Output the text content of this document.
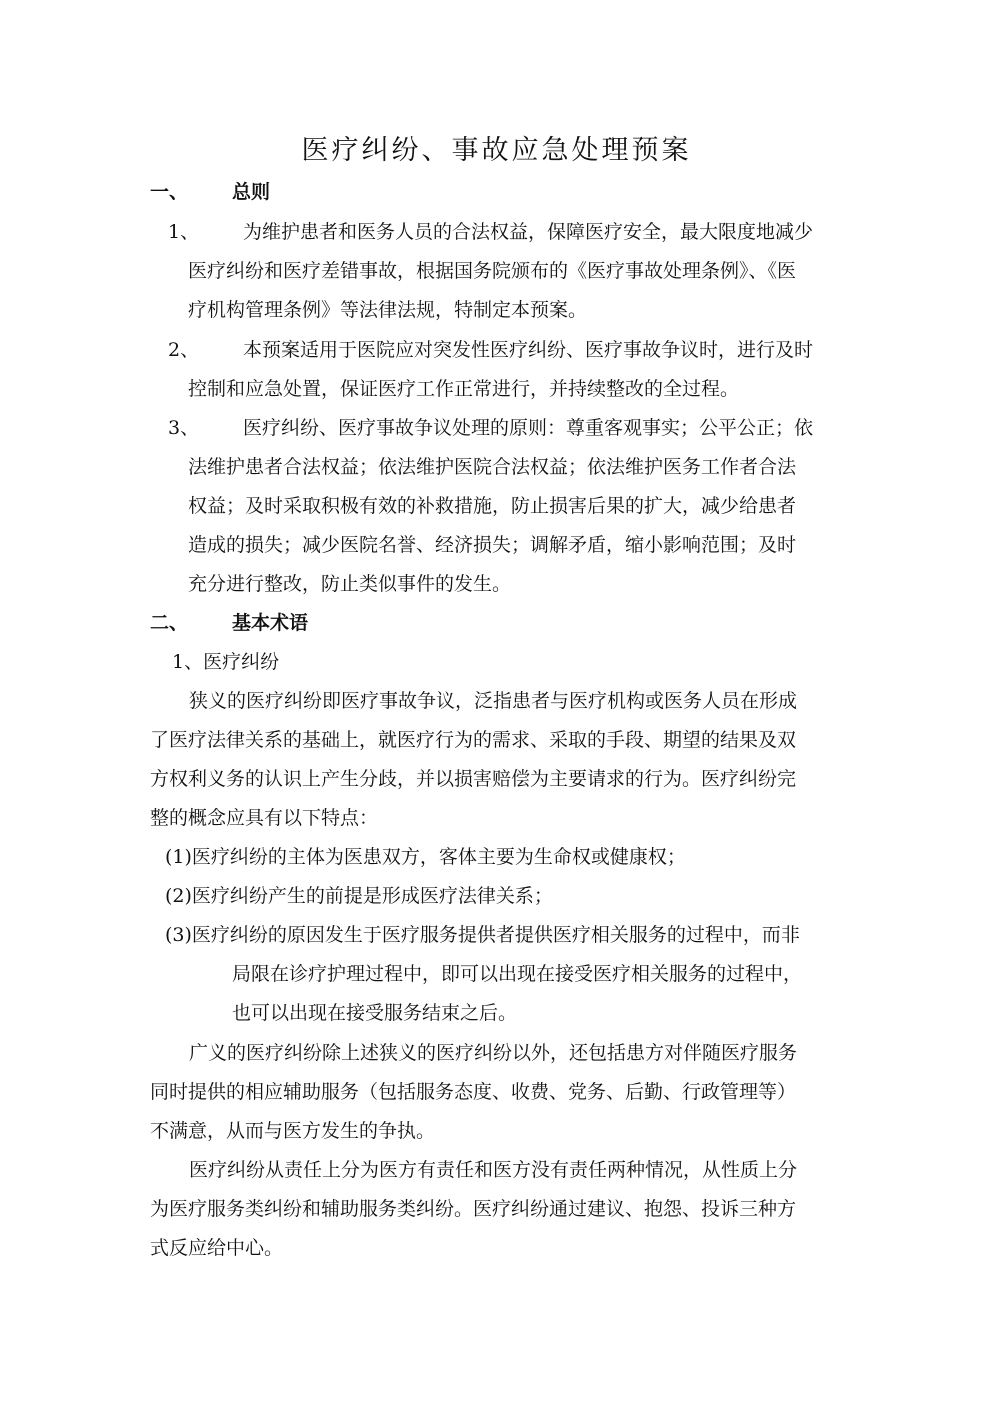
医疗纠纷、事故应急处理预案
一、 总则
1、 为维护患者和医务人员的合法权益，保障医疗安全，最大限度地减少
医疗纠纷和医疗差错事故，根据国务院颁布的《医疗事故处理条例》、《医
疗机构管理条例》等法律法规，特制定本预案。
2、 本预案适用于医院应对突发性医疗纠纷、医疗事故争议时，进行及时
控制和应急处置，保证医疗工作正常进行，并持续整改的全过程。
3、 医疗纠纷、医疗事故争议处理的原则：尊重客观事实；公平公正；依
法维护患者合法权益；依法维护医院合法权益；依法维护医务工作者合法
权益；及时采取积极有效的补救措施，防止损害后果的扩大，减少给患者
造成的损失；减少医院名誉、经济损失；调解矛盾，缩小影响范围；及时
充分进行整改，防止类似事件的发生。
二、 基本术语
1、医疗纠纷
狭义的医疗纠纷即医疗事故争议，泛指患者与医疗机构或医务人员在形成
了医疗法律关系的基础上，就医疗行为的需求、采取的手段、期望的结果及双
方权利义务的认识上产生分歧，并以损害赔偿为主要请求的行为。医疗纠纷完
整的概念应具有以下特点：
(1)医疗纠纷的主体为医患双方，客体主要为生命权或健康权；
(2)医疗纠纷产生的前提是形成医疗法律关系；
(3)医疗纠纷的原因发生于医疗服务提供者提供医疗相关服务的过程中，而非
局限在诊疗护理过程中，即可以出现在接受医疗相关服务的过程中，
也可以出现在接受服务结束之后。
广义的医疗纠纷除上述狭义的医疗纠纷以外，还包括患方对伴随医疗服务
同时提供的相应辅助服务（包括服务态度、收费、党务、后勤、行政管理等）
不满意，从而与医方发生的争执。
医疗纠纷从责任上分为医方有责任和医方没有责任两种情况，从性质上分
为医疗服务类纠纷和辅助服务类纠纷。医疗纠纷通过建议、抱怨、投诉三种方
式反应给中心。
